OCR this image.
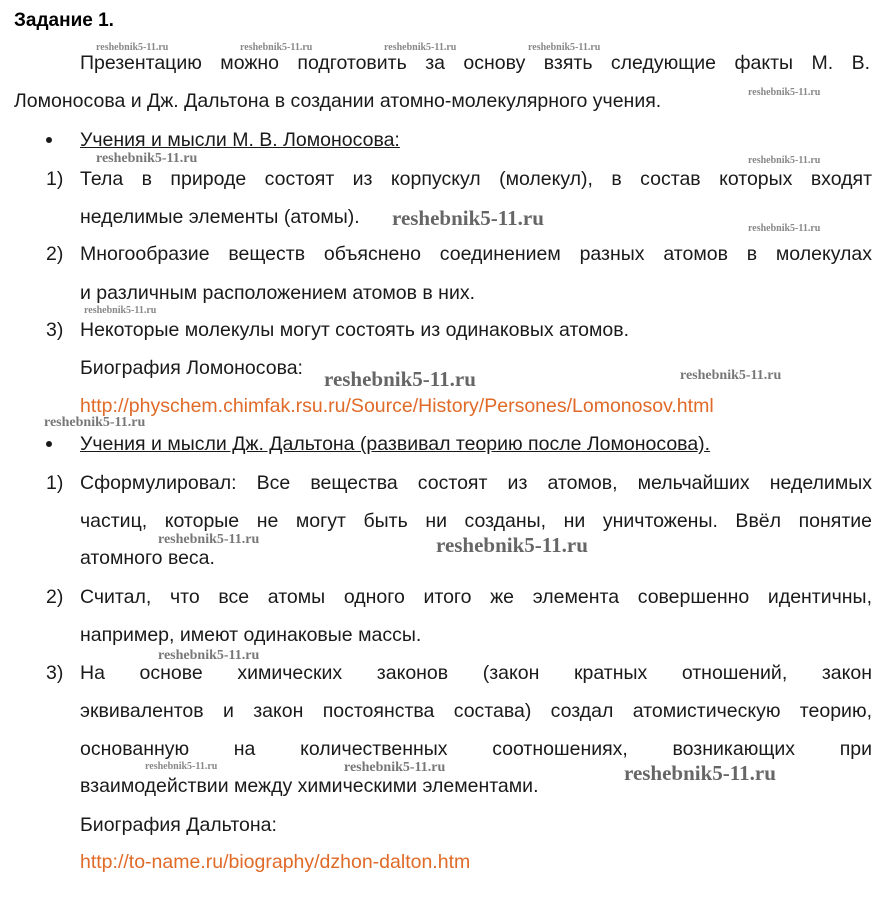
Задание 1.
Презентацию можно подготовить за основу взять следующие факты М. В.
Ломоносова и Дж. Дальтона в создании атомно-молекулярного учения.
Учения и мысли М. В. Ломоносова:
1) Тела в природе состоят из корпускул (молекул), в состав которых входят
неделимые элементы (атомы).
2) Многообразие веществ объяснено соединением разных атомов в молекулах
и различным расположением атомов в них.
3) Некоторые молекулы могут состоять из одинаковых атомов.
Биография Ломоносова:
http://physchem.chimfak.rsu.ru/Source/History/Persones/Lomonosov.html
Учения и мысли Дж. Дальтона (развивал теорию после Ломоносова).
1) Сформулировал: Все вещества состоят из атомов, мельчайших неделимых
частиц, которые не могут быть ни созданы, ни уничтожены. Ввёл понятие
атомного веса.
2) Считал, что все атомы одного итого же элемента совершенно идентичны,
например, имеют одинаковые массы.
3) На основе химических законов (закон кратных отношений, закон
эквивалентов и закон постоянства состава) создал атомистическую теорию,
основанную на количественных соотношениях, возникающих при
взаимодействии между химическими элементами.
Биография Дальтона:
http://to-name.ru/biography/dzhon-dalton.htm
reshebnik5-11.ru	reshebnik5-11.ru	reshebnik5-11.ru	reshebnik5-11.ru
reshebnik5-11.ru
reshebnik5-11.ru	reshebnik5-11.ru
reshebnik5-11.ru	reshebnik5-11.ru
reshebnik5-11.ru
reshebnik5-11.ru	reshebnik5-11.ru
reshebnik5-11.ru
reshebnik5-11.ru	reshebnik5-11.ru
reshebnik5-11.ru
reshebnik5-11.ru	reshebnik5-11.ru	reshebnik5-11.ru
